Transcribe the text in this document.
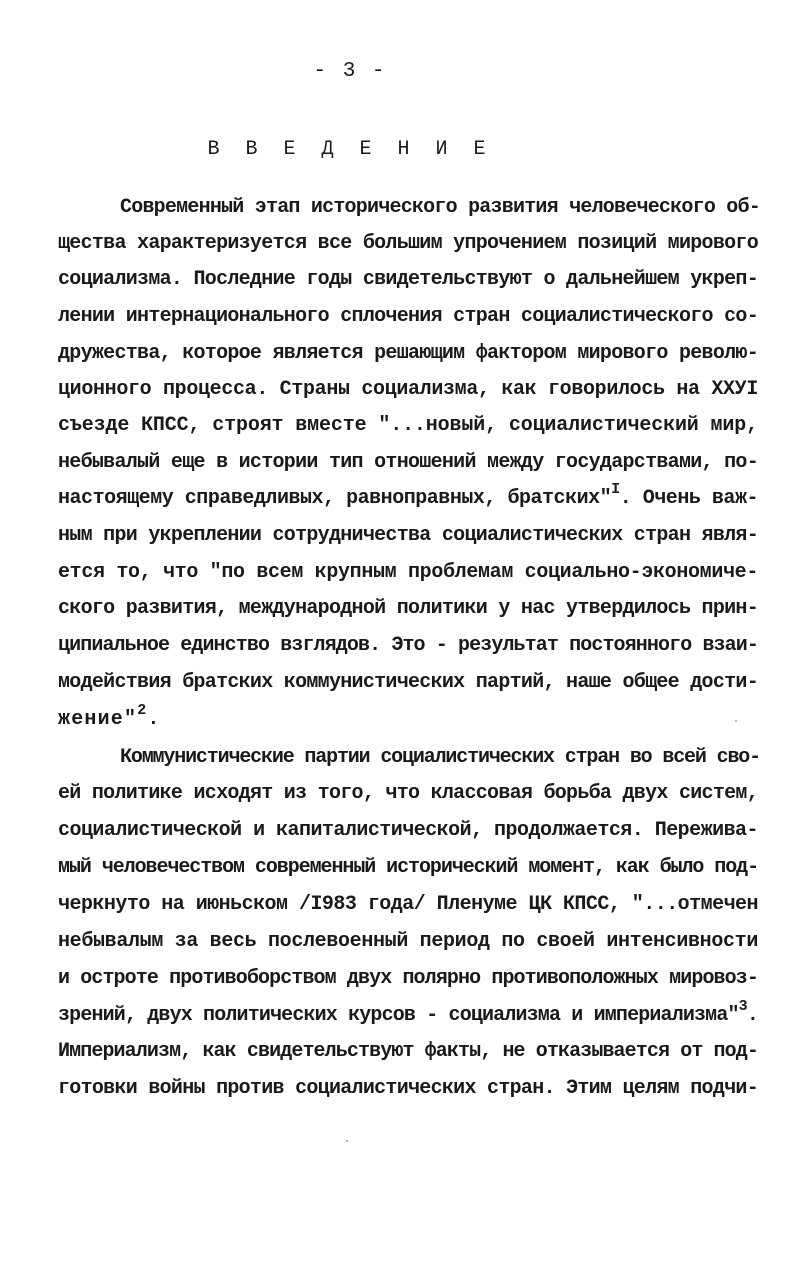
- 3 -
В В Е Д Е Н И Е
Современный этап исторического развития человеческого об-
щества характеризуется все большим упрочением позиций мирового
социализма. Последние годы свидетельствуют о дальнейшем укреп-
лении интернационального сплочения стран социалистического со-
дружества, которое является решающим фактором мирового револю-
ционного процесса. Страны социализма, как говорилось на ХХУI
съезде КПСС, строят вместе "...новый, социалистический мир,
небывалый еще в истории тип отношений между государствами, по-
настоящему справедливых, равноправных, братских"$^I$. Очень важ-
ным при укреплении сотрудничества социалистических стран явля-
ется то, что "по всем крупным проблемам социально-экономиче-
ского развития, международной политики у нас утвердилось прин-
ципиальное единство взглядов. Это - результат постоянного взаи-
модействия братских коммунистических партий, наше общее дости-
жение"$^2$.
Коммунистические партии социалистических стран во всей сво-
ей политике исходят из того, что классовая борьба двух систем,
социалистической и капиталистической, продолжается. Пережива-
мый человечеством современный исторический момент, как было под-
черкнуто на июньском /I983 года/ Пленуме ЦК КПСС, "...отмечен
небывалым за весь послевоенный период по своей интенсивности
и остроте противоборством двух полярно противоположных мировоз-
зрений, двух политических курсов - социализма и империализма"$^3$.
Империализм, как свидетельствуют факты, не отказывается от под-
готовки войны против социалистических стран. Этим целям подчи-
